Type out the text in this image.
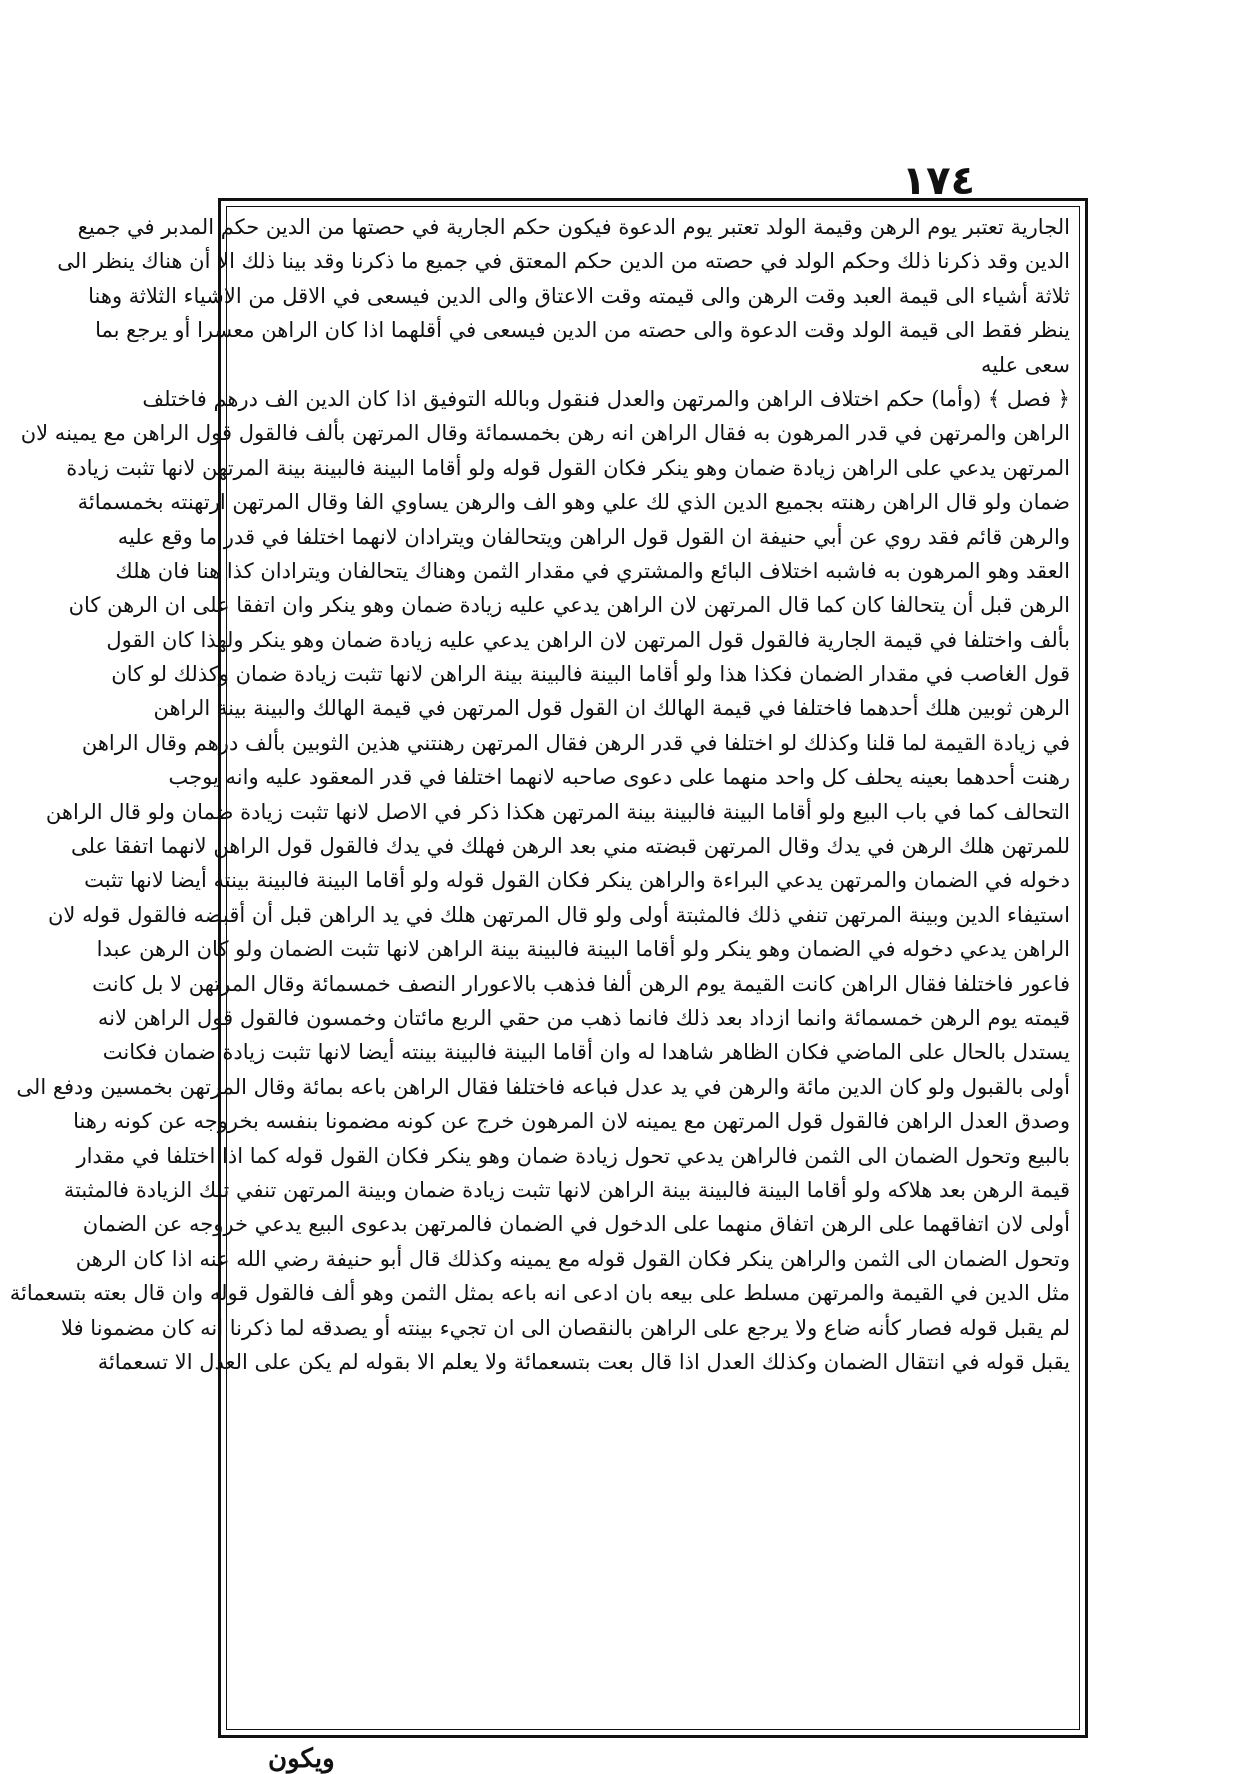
١٧٤
الجارية تعتبر يوم الرهن وقيمة الولد تعتبر يوم الدعوة فيكون حكم الجارية في حصتها من الدين حكم المدبر في جميع
الدين وقد ذكرنا ذلك وحكم الولد في حصته من الدين حكم المعتق في جميع ما ذكرنا وقد بينا ذلك الا أن هناك ينظر الى
ثلاثة أشياء الى قيمة العبد وقت الرهن والى قيمته وقت الاعتاق والى الدين فيسعى في الاقل من الاشياء الثلاثة وهنا
ينظر فقط الى قيمة الولد وقت الدعوة والى حصته من الدين فيسعى في أقلهما اذا كان الراهن معسرا أو يرجع بما
سعى عليه
﴿ فصل ﴾ (وأما) حكم اختلاف الراهن والمرتهن والعدل فنقول وبالله التوفيق اذا كان الدين الف درهم فاختلف
الراهن والمرتهن في قدر المرهون به فقال الراهن انه رهن بخمسمائة وقال المرتهن بألف فالقول قول الراهن مع يمينه لان
المرتهن يدعي على الراهن زيادة ضمان وهو ينكر فكان القول قوله ولو أقاما البينة فالبينة بينة المرتهن لانها تثبت زيادة
ضمان ولو قال الراهن رهنته بجميع الدين الذي لك علي وهو الف والرهن يساوي الفا وقال المرتهن ارتهنته بخمسمائة
والرهن قائم فقد روي عن أبي حنيفة ان القول قول الراهن ويتحالفان ويترادان لانهما اختلفا في قدر ما وقع عليه
العقد وهو المرهون به فاشبه اختلاف البائع والمشتري في مقدار الثمن وهناك يتحالفان ويترادان كذا هنا فان هلك
الرهن قبل أن يتحالفا كان كما قال المرتهن لان الراهن يدعي عليه زيادة ضمان وهو ينكر وان اتفقا على ان الرهن كان
بألف واختلفا في قيمة الجارية فالقول قول المرتهن لان الراهن يدعي عليه زيادة ضمان وهو ينكر ولهذا كان القول
قول الغاصب في مقدار الضمان فكذا هذا ولو أقاما البينة فالبينة بينة الراهن لانها تثبت زيادة ضمان وكذلك لو كان
الرهن ثوبين هلك أحدهما فاختلفا في قيمة الهالك ان القول قول المرتهن في قيمة الهالك والبينة بينة الراهن
في زيادة القيمة لما قلنا وكذلك لو اختلفا في قدر الرهن فقال المرتهن رهنتني هذين الثوبين بألف درهم وقال الراهن
رهنت أحدهما بعينه يحلف كل واحد منهما على دعوى صاحبه لانهما اختلفا في قدر المعقود عليه وانه يوجب
التحالف كما في باب البيع ولو أقاما البينة فالبينة بينة المرتهن هكذا ذكر في الاصل لانها تثبت زيادة ضمان ولو قال الراهن
للمرتهن هلك الرهن في يدك وقال المرتهن قبضته مني بعد الرهن فهلك في يدك فالقول قول الراهن لانهما اتفقا على
دخوله في الضمان والمرتهن يدعي البراءة والراهن ينكر فكان القول قوله ولو أقاما البينة فالبينة بينته أيضا لانها تثبت
استيفاء الدين وبينة المرتهن تنفي ذلك فالمثبتة أولى ولو قال المرتهن هلك في يد الراهن قبل أن أقبضه فالقول قوله لان
الراهن يدعي دخوله في الضمان وهو ينكر ولو أقاما البينة فالبينة بينة الراهن لانها تثبت الضمان ولو كان الرهن عبدا
فاعور فاختلفا فقال الراهن كانت القيمة يوم الرهن ألفا فذهب بالاعورار النصف خمسمائة وقال المرتهن لا بل كانت
قيمته يوم الرهن خمسمائة وانما ازداد بعد ذلك فانما ذهب من حقي الربع مائتان وخمسون فالقول قول الراهن لانه
يستدل بالحال على الماضي فكان الظاهر شاهدا له وان أقاما البينة فالبينة بينته أيضا لانها تثبت زيادة ضمان فكانت
أولى بالقبول ولو كان الدين مائة والرهن في يد عدل فباعه فاختلفا فقال الراهن باعه بمائة وقال المرتهن بخمسين ودفع الى
وصدق العدل الراهن فالقول قول المرتهن مع يمينه لان المرهون خرج عن كونه مضمونا بنفسه بخروجه عن كونه رهنا
بالبيع وتحول الضمان الى الثمن فالراهن يدعي تحول زيادة ضمان وهو ينكر فكان القول قوله كما اذا اختلفا في مقدار
قيمة الرهن بعد هلاكه ولو أقاما البينة فالبينة بينة الراهن لانها تثبت زيادة ضمان وبينة المرتهن تنفي تلك الزيادة فالمثبتة
أولى لان اتفاقهما على الرهن اتفاق منهما على الدخول في الضمان فالمرتهن بدعوى البيع يدعي خروجه عن الضمان
وتحول الضمان الى الثمن والراهن ينكر فكان القول قوله مع يمينه وكذلك قال أبو حنيفة رضي الله عنه اذا كان الرهن
مثل الدين في القيمة والمرتهن مسلط على بيعه بان ادعى انه باعه بمثل الثمن وهو ألف فالقول قوله وان قال بعته بتسعمائة
لم يقبل قوله فصار كأنه ضاع ولا يرجع على الراهن بالنقصان الى ان تجيء بينته أو يصدقه لما ذكرنا انه كان مضمونا فلا
يقبل قوله في انتقال الضمان وكذلك العدل اذا قال بعت بتسعمائة ولا يعلم الا بقوله لم يكن على العدل الا تسعمائة
ويكون
